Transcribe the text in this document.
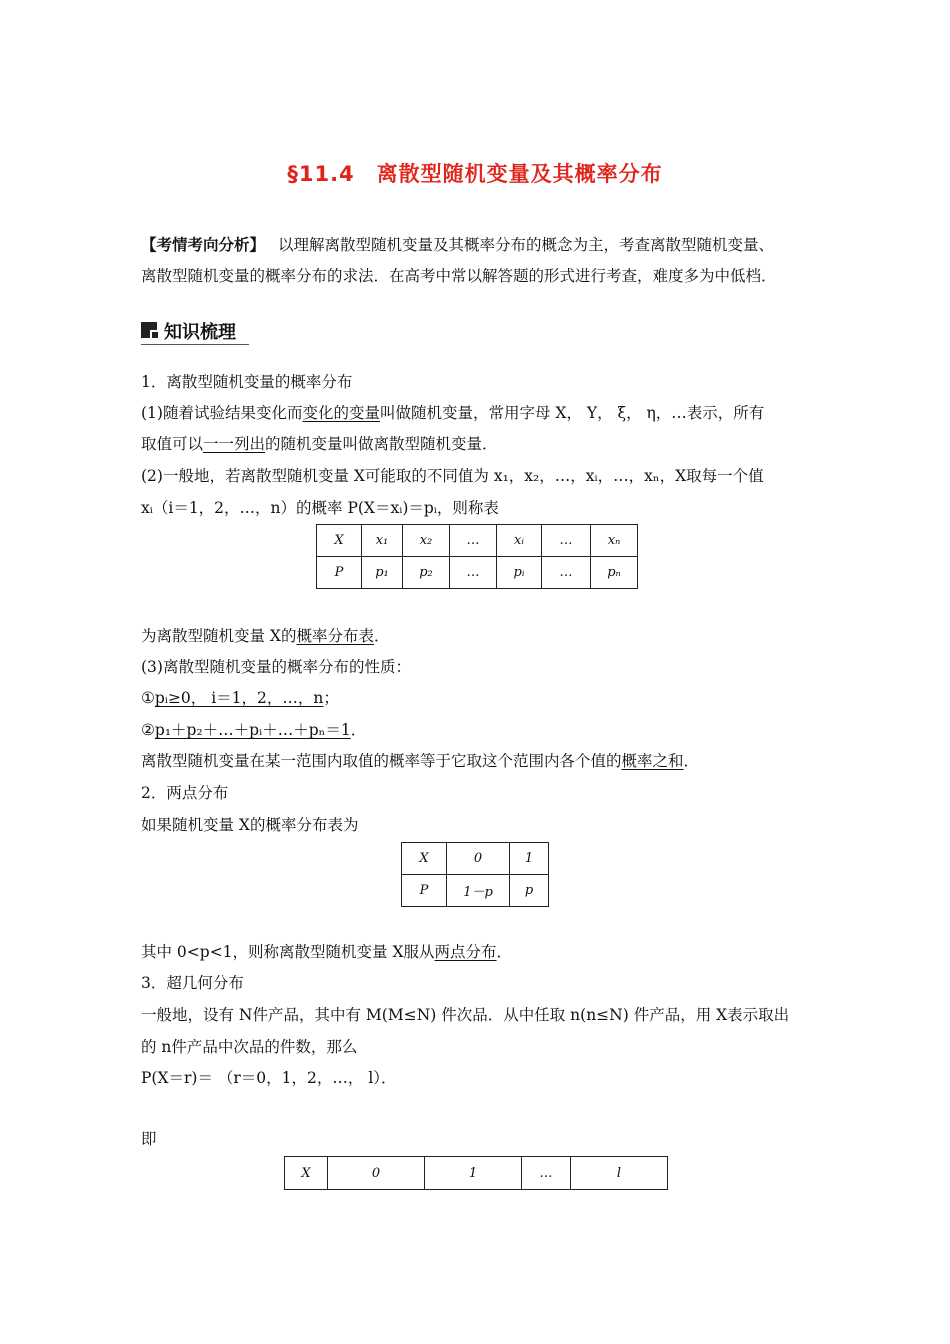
§11.4　离散型随机变量及其概率分布
【考情考向分析】 以理解离散型随机变量及其概率分布的概念为主，考查离散型随机变量、
离散型随机变量的概率分布的求法．在高考中常以解答题的形式进行考查，难度多为中低档．
知识梳理
1．离散型随机变量的概率分布
(1)随着试验结果变化而变化的变量叫做随机变量，常用字母 X， Y， ξ， η，…表示，所有
取值可以一一列出的随机变量叫做离散型随机变量．
(2)一般地，若离散型随机变量 X可能取的不同值为 x₁，x₂，…，xᵢ，…，xₙ，X取每一个值
xᵢ（i＝1，2，…，n）的概率 P(X＝xᵢ)＝pᵢ，则称表
X	x₁	x₂	…	xᵢ	…	xₙ
P	p₁	p₂	…	pᵢ	…	pₙ
为离散型随机变量 X的概率分布表．
(3)离散型随机变量的概率分布的性质：
①pᵢ≥0， i＝1，2，…，n；
②p₁＋p₂＋…＋pᵢ＋…＋pₙ＝1．
离散型随机变量在某一范围内取值的概率等于它取这个范围内各个值的概率之和．
2．两点分布
如果随机变量 X的概率分布表为
X	0	1
P	1－p	p
其中 0<p<1，则称离散型随机变量 X服从两点分布．
3．超几何分布
一般地，设有 N件产品，其中有 M(M≤N) 件次品．从中任取 n(n≤N) 件产品，用 X表示取出
的 n件产品中次品的件数，那么
P(X＝r)＝ （r＝0，1，2，…， l）．
即
X	0	1	…	l
